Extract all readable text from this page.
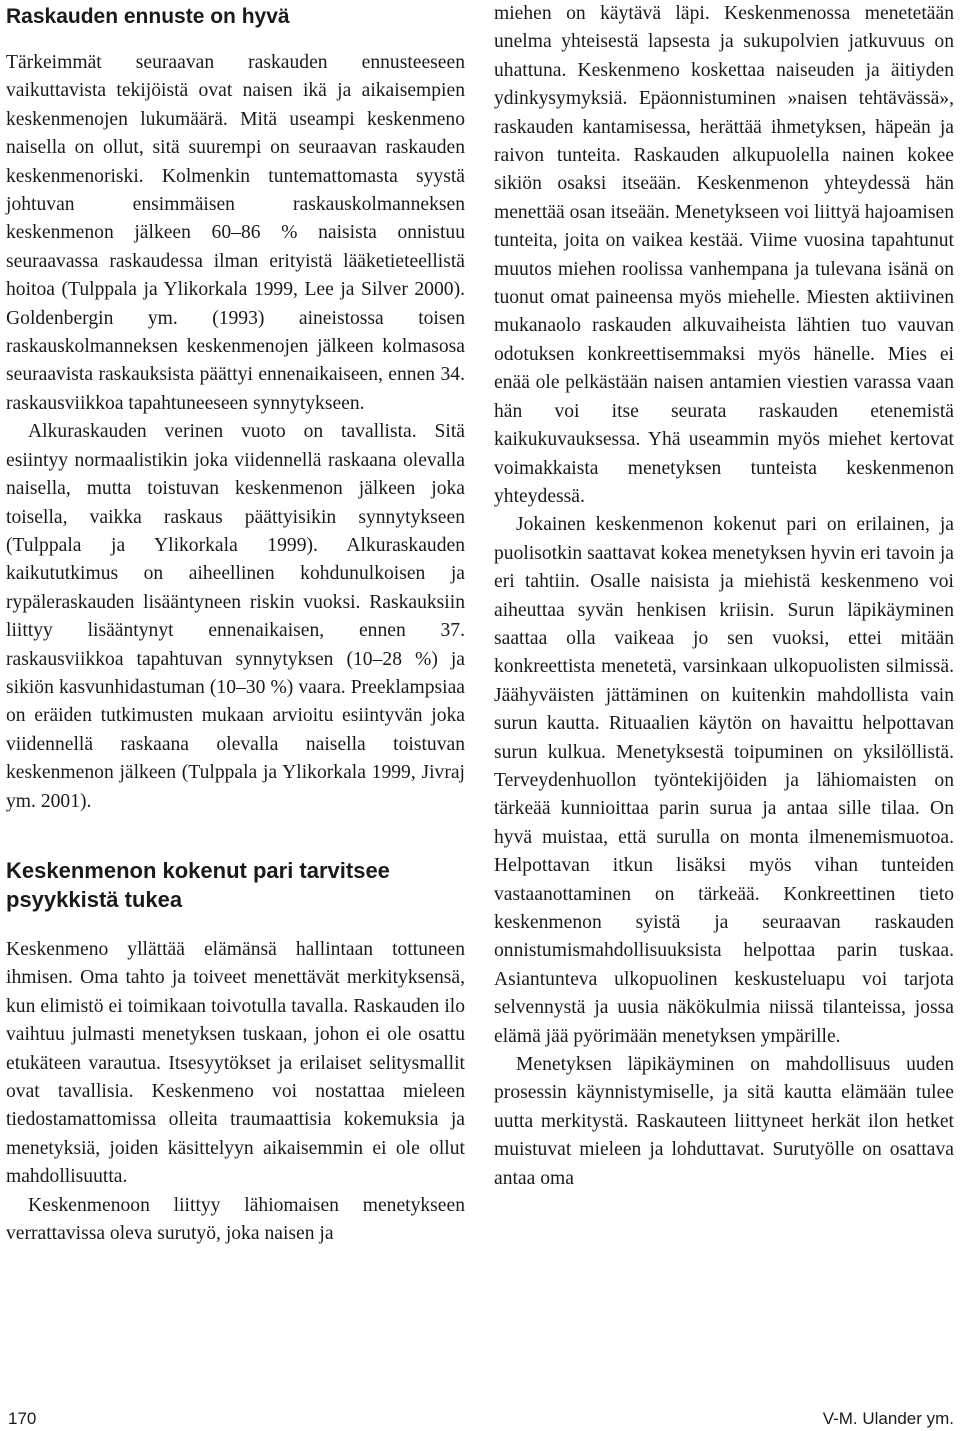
Raskauden ennuste on hyvä

Tärkeimmät seuraavan raskauden ennusteeseen vaikuttavista tekijöistä ovat naisen ikä ja aikaisempien keskenmenojen lukumäärä. Mitä useampi keskenmeno naisella on ollut, sitä suurempi on seuraavan raskauden keskenmenoriski. Kolmenkin tuntemattomasta syystä johtuvan ensimmäisen raskauskolmanneksen keskenmenon jälkeen 60–86 % naisista onnistuu seuraavassa raskaudessa ilman erityistä lääketieteellistä hoitoa (Tulppala ja Ylikorkala 1999, Lee ja Silver 2000). Goldenbergin ym. (1993) aineistossa toisen raskauskolmanneksen keskenmenojen jälkeen kolmasosa seuraavista raskauksista päättyi ennenaikaiseen, ennen 34. raskausviikkoa tapahtuneeseen synnytykseen.

Alkuraskauden verinen vuoto on tavallista. Sitä esiintyy normaalistikin joka viidennellä raskaana olevalla naisella, mutta toistuvan keskenmenon jälkeen joka toisella, vaikka raskaus päättyisikin synnytykseen (Tulppala ja Ylikorkala 1999). Alkuraskauden kaikututkimus on aiheellinen kohdunulkoisen ja rypäleraskauden lisääntyneen riskin vuoksi. Raskauksiin liittyy lisääntynyt ennenaikaisen, ennen 37. raskausviikkoa tapahtuvan synnytyksen (10–28 %) ja sikiön kasvunhidastuman (10–30 %) vaara. Preeklampsiaa on eräiden tutkimusten mukaan arvioitu esiintyvän joka viidennellä raskaana olevalla naisella toistuvan keskenmenon jälkeen (Tulppala ja Ylikorkala 1999, Jivraj ym. 2001).

Keskenmenon kokenut pari tarvitsee psyykkistä tukea

Keskenmeno yllättää elämänsä hallintaan tottuneen ihmisen. Oma tahto ja toiveet menettävät merkityksensä, kun elimistö ei toimikaan toivotulla tavalla. Raskauden ilo vaihtuu julmasti menetyksen tuskaan, johon ei ole osattu etukäteen varautua. Itsesyytökset ja erilaiset selitysmallit ovat tavallisia. Keskenmeno voi nostattaa mieleen tiedostamattomissa olleita traumaattisia kokemuksia ja menetyksiä, joiden käsittelyyn aikaisemmin ei ole ollut mahdollisuutta.

Keskenmenoon liittyy lähiomaisen menetykseen verrattavissa oleva surutyö, joka naisen ja

miehen on käytävä läpi. Keskenmenossa menetetään unelma yhteisestä lapsesta ja sukupolvien jatkuvuus on uhattuna. Keskenmeno koskettaa naiseuden ja äitiyden ydinkysymyksiä. Epäonnistuminen »naisen tehtävässä», raskauden kantamisessa, herättää ihmetyksen, häpeän ja raivon tunteita. Raskauden alkupuolella nainen kokee sikiön osaksi itseään. Keskenmenon yhteydessä hän menettää osan itseään. Menetykseen voi liittyä hajoamisen tunteita, joita on vaikea kestää. Viime vuosina tapahtunut muutos miehen roolissa vanhempana ja tulevana isänä on tuonut omat paineensa myös miehelle. Miesten aktiivinen mukanaolo raskauden alkuvaiheista lähtien tuo vauvan odotuksen konkreettisemmaksi myös hänelle. Mies ei enää ole pelkästään naisen antamien viestien varassa vaan hän voi itse seurata raskauden etenemistä kaikukuvauksessa. Yhä useammin myös miehet kertovat voimakkaista menetyksen tunteista keskenmenon yhteydessä.

Jokainen keskenmenon kokenut pari on erilainen, ja puolisotkin saattavat kokea menetyksen hyvin eri tavoin ja eri tahtiin. Osalle naisista ja miehistä keskenmeno voi aiheuttaa syvän henkisen kriisin. Surun läpikäyminen saattaa olla vaikeaa jo sen vuoksi, ettei mitään konkreettista menetetä, varsinkaan ulkopuolisten silmissä. Jäähyväisten jättäminen on kuitenkin mahdollista vain surun kautta. Rituaalien käytön on havaittu helpottavan surun kulkua. Menetyksestä toipuminen on yksilöllistä. Terveydenhuollon työntekijöiden ja lähiomaisten on tärkeää kunnioittaa parin surua ja antaa sille tilaa. On hyvä muistaa, että surulla on monta ilmenemismuotoa. Helpottavan itkun lisäksi myös vihan tunteiden vastaanottaminen on tärkeää. Konkreettinen tieto keskenmenon syistä ja seuraavan raskauden onnistumismahdollisuuksista helpottaa parin tuskaa. Asiantunteva ulkopuolinen keskusteluapu voi tarjota selvennystä ja uusia näkökulmia niissä tilanteissa, jossa elämä jää pyörimään menetyksen ympärille.

Menetyksen läpikäyminen on mahdollisuus uuden prosessin käynnistymiselle, ja sitä kautta elämään tulee uutta merkitystä. Raskauteen liittyneet herkät ilon hetket muistuvat mieleen ja lohduttavat. Surutyölle on osattava antaa oma

170	V-M. Ulander ym.
